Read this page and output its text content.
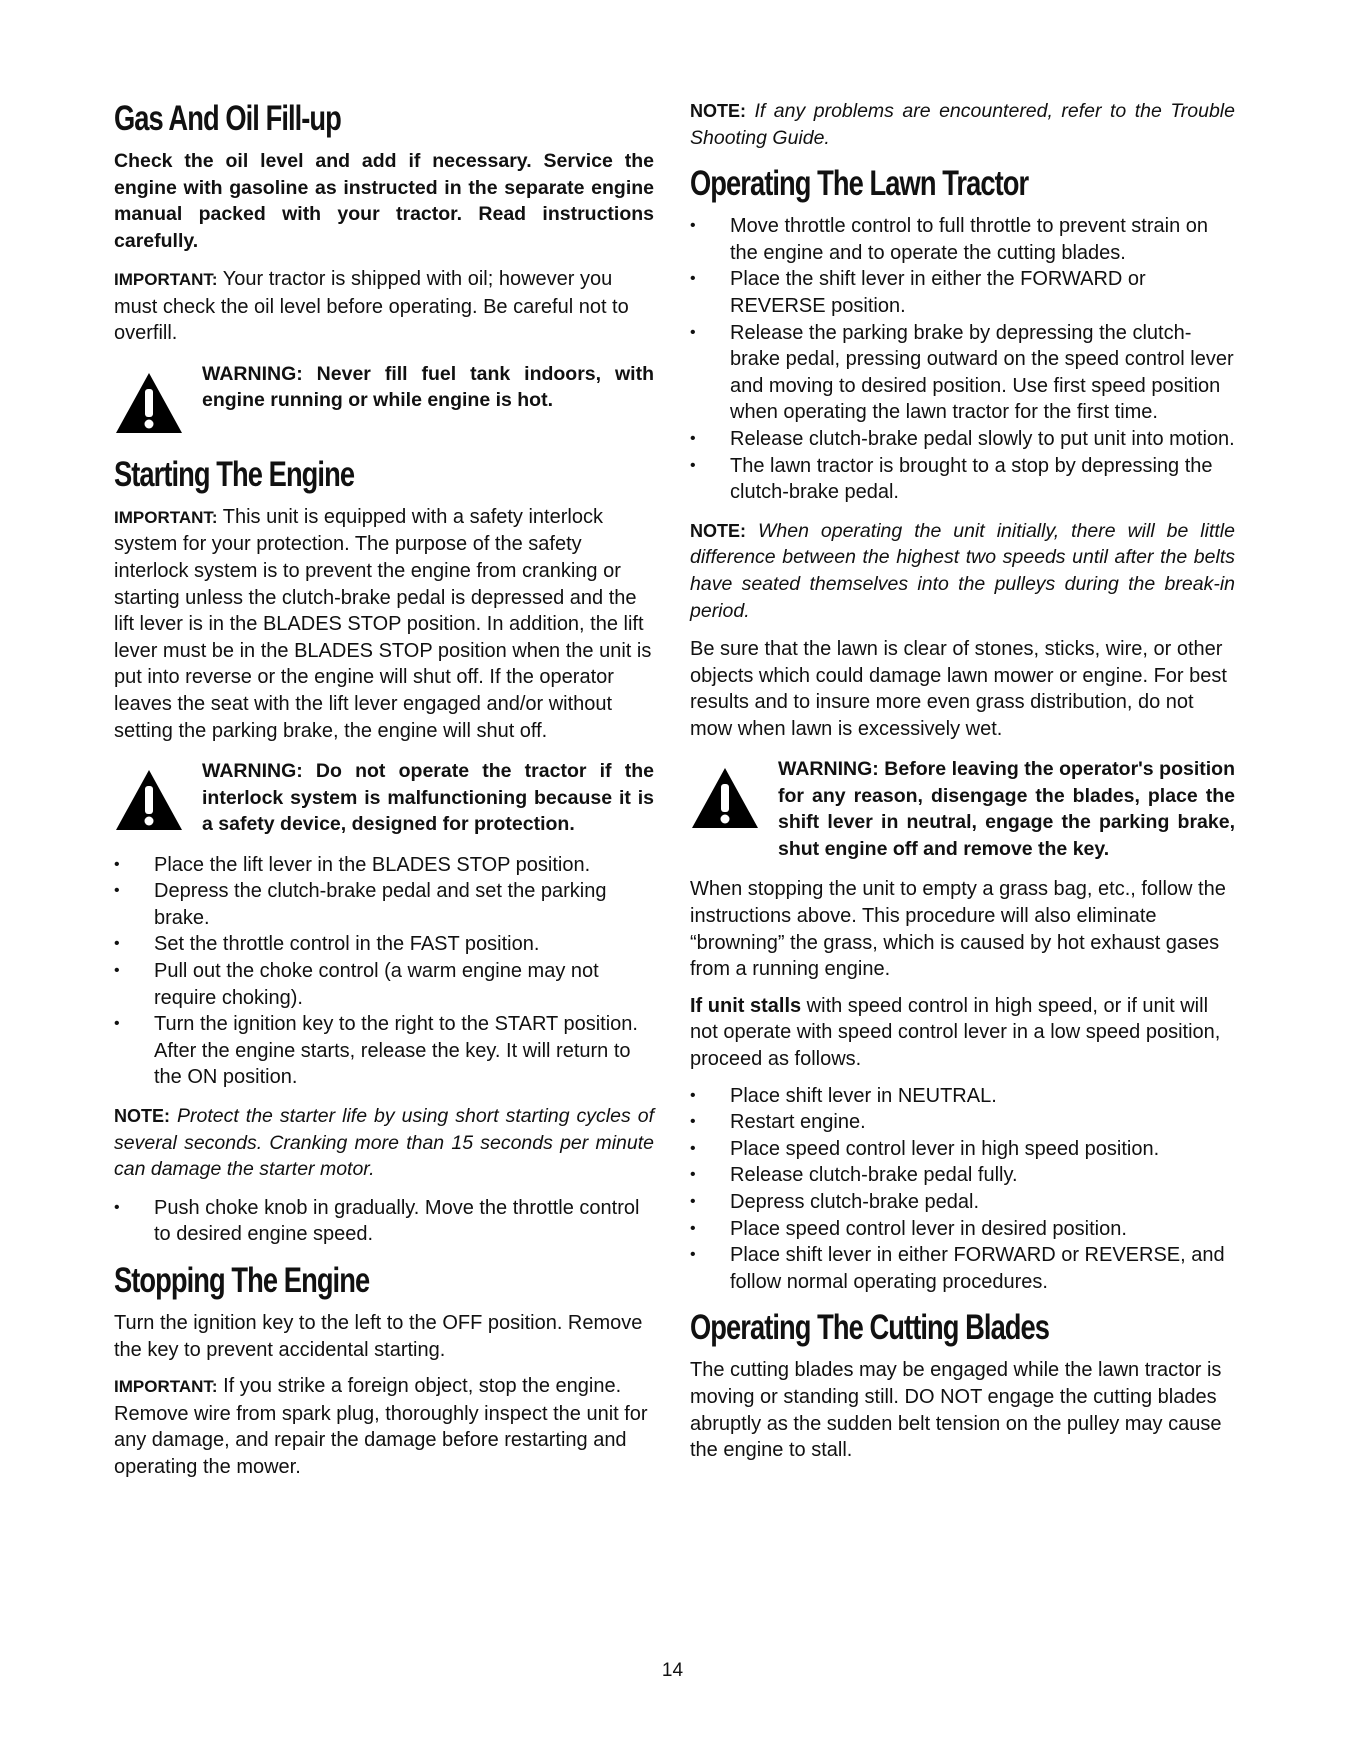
Gas And Oil Fill-up
Check the oil level and add if necessary. Service the engine with gasoline as instructed in the separate engine manual packed with your tractor. Read instructions carefully.

IMPORTANT: Your tractor is shipped with oil; however you must check the oil level before operating. Be careful not to overfill.

WARNING: Never fill fuel tank indoors, with engine running or while engine is hot.
Starting The Engine

IMPORTANT: This unit is equipped with a safety interlock system for your protection. The purpose of the safety interlock system is to prevent the engine from cranking or starting unless the clutch-brake pedal is depressed and the lift lever is in the BLADES STOP position. In addition, the lift lever must be in the BLADES STOP position when the unit is put into reverse or the engine will shut off. If the operator leaves the seat with the lift lever engaged and/or without setting the parking brake, the engine will shut off.

WARNING: Do not operate the tractor if the interlock system is malfunctioning because it is a safety device, designed for protection.
• Place the lift lever in the BLADES STOP position.
• Depress the clutch-brake pedal and set the parking brake.
• Set the throttle control in the FAST position.
• Pull out the choke control (a warm engine may not require choking).
• Turn the ignition key to the right to the START position. After the engine starts, release the key. It will return to the ON position.
NOTE: Protect the starter life by using short starting cycles of several seconds. Cranking more than 15 seconds per minute can damage the starter motor.
• Push choke knob in gradually. Move the throttle control to desired engine speed.
Stopping The Engine

Turn the ignition key to the left to the OFF position. Remove the key to prevent accidental starting.

IMPORTANT: If you strike a foreign object, stop the engine. Remove wire from spark plug, thoroughly inspect the unit for any damage, and repair the damage before restarting and operating the mower.

NOTE: If any problems are encountered, refer to the Trouble Shooting Guide.
Operating The Lawn Tractor
• Move throttle control to full throttle to prevent strain on the engine and to operate the cutting blades.
• Place the shift lever in either the FORWARD or REVERSE position.
• Release the parking brake by depressing the clutch-brake pedal, pressing outward on the speed control lever and moving to desired position. Use first speed position when operating the lawn tractor for the first time.
• Release clutch-brake pedal slowly to put unit into motion.
• The lawn tractor is brought to a stop by depressing the clutch-brake pedal.
NOTE: When operating the unit initially, there will be little difference between the highest two speeds until after the belts have seated themselves into the pulleys during the break-in period.

Be sure that the lawn is clear of stones, sticks, wire, or other objects which could damage lawn mower or engine. For best results and to insure more even grass distribution, do not mow when lawn is excessively wet.

WARNING: Before leaving the operator's position for any reason, disengage the blades, place the shift lever in neutral, engage the parking brake, shut engine off and remove the key.

When stopping the unit to empty a grass bag, etc., follow the instructions above. This procedure will also eliminate “browning” the grass, which is caused by hot exhaust gases from a running engine.

If unit stalls with speed control in high speed, or if unit will not operate with speed control lever in a low speed position, proceed as follows.

• Place shift lever in NEUTRAL.
• Restart engine.
• Place speed control lever in high speed position.
• Release clutch-brake pedal fully.
• Depress clutch-brake pedal.
• Place speed control lever in desired position.
• Place shift lever in either FORWARD or REVERSE, and follow normal operating procedures.
Operating The Cutting Blades

The cutting blades may be engaged while the lawn tractor is moving or standing still. DO NOT engage the cutting blades abruptly as the sudden belt tension on the pulley may cause the engine to stall.

14
